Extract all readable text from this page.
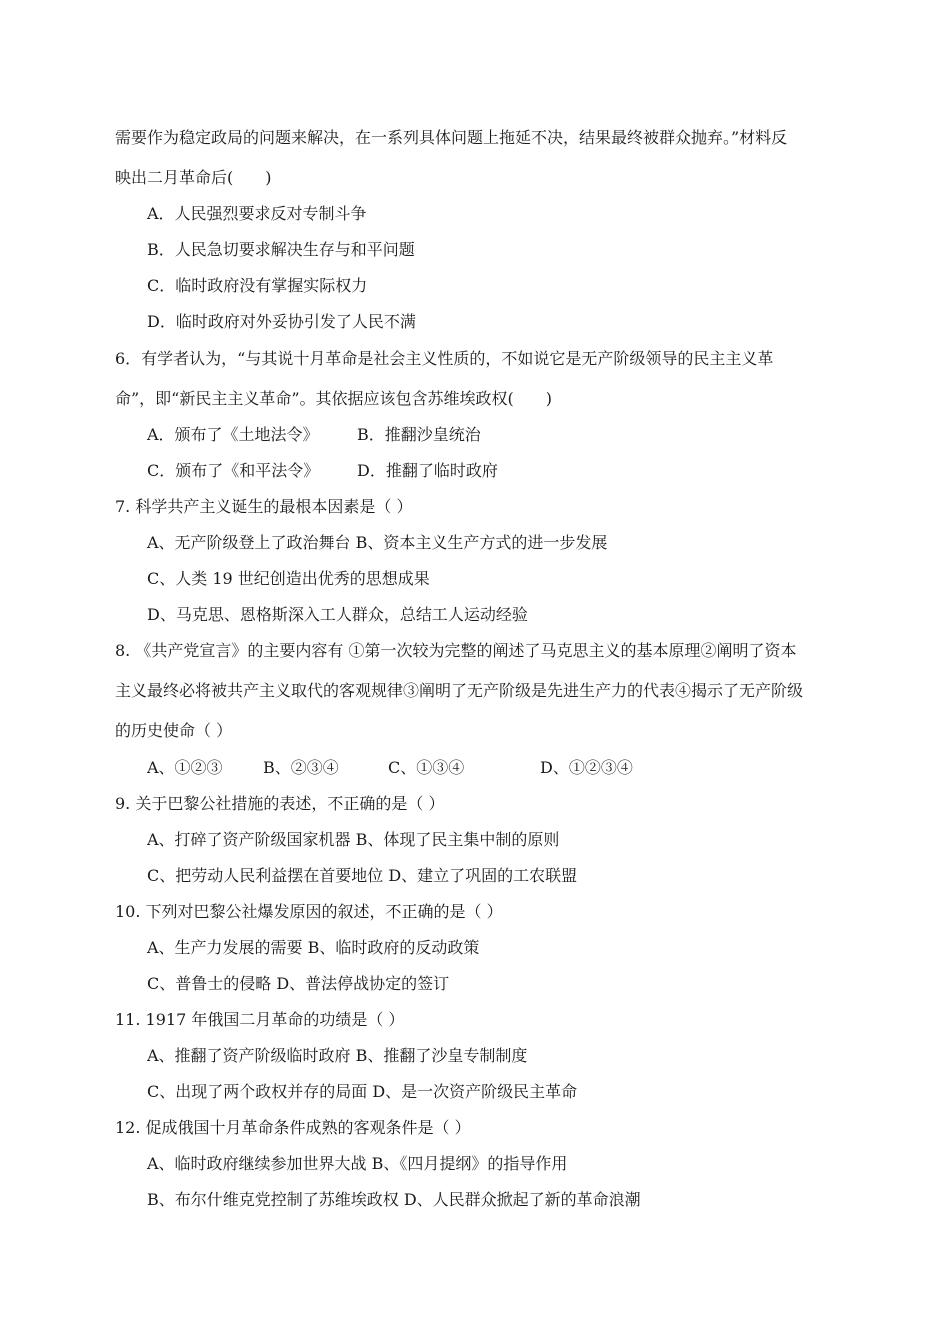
需要作为稳定政局的问题来解决，在一系列具体问题上拖延不决，结果最终被群众抛弃。”材料反
映出二月革命后(　　)
A．人民强烈要求反对专制斗争
B．人民急切要求解决生存与和平问题
C．临时政府没有掌握实际权力
D．临时政府对外妥协引发了人民不满
6．有学者认为，“与其说十月革命是社会主义性质的，不如说它是无产阶级领导的民主主义革
命”，即“新民主主义革命”。其依据应该包含苏维埃政权(　　)
A．颁布了《土地法令》 B．推翻沙皇统治
C．颁布了《和平法令》 D．推翻了临时政府
7. 科学共产主义诞生的最根本因素是（ ）
A、无产阶级登上了政治舞台 B、资本主义生产方式的进一步发展
C、人类 19 世纪创造出优秀的思想成果
D、马克思、恩格斯深入工人群众，总结工人运动经验
8. 《共产党宣言》的主要内容有 ①第一次较为完整的阐述了马克思主义的基本原理②阐明了资本
主义最终必将被共产主义取代的客观规律③阐明了无产阶级是先进生产力的代表④揭示了无产阶级
的历史使命（ ）
A、①②③	B、②③④	C、①③④	D、①②③④
9. 关于巴黎公社措施的表述，不正确的是（ ）
A、打碎了资产阶级国家机器 B、体现了民主集中制的原则
C、把劳动人民利益摆在首要地位 D、建立了巩固的工农联盟
10. 下列对巴黎公社爆发原因的叙述，不正确的是（ ）
A、生产力发展的需要 B、临时政府的反动政策
C、普鲁士的侵略 D、普法停战协定的签订
11. 1917 年俄国二月革命的功绩是（ ）
A、推翻了资产阶级临时政府 B、推翻了沙皇专制制度
C、出现了两个政权并存的局面 D、是一次资产阶级民主革命
12. 促成俄国十月革命条件成熟的客观条件是（ ）
A、临时政府继续参加世界大战 B、《四月提纲》的指导作用
B、布尔什维克党控制了苏维埃政权 D、人民群众掀起了新的革命浪潮
